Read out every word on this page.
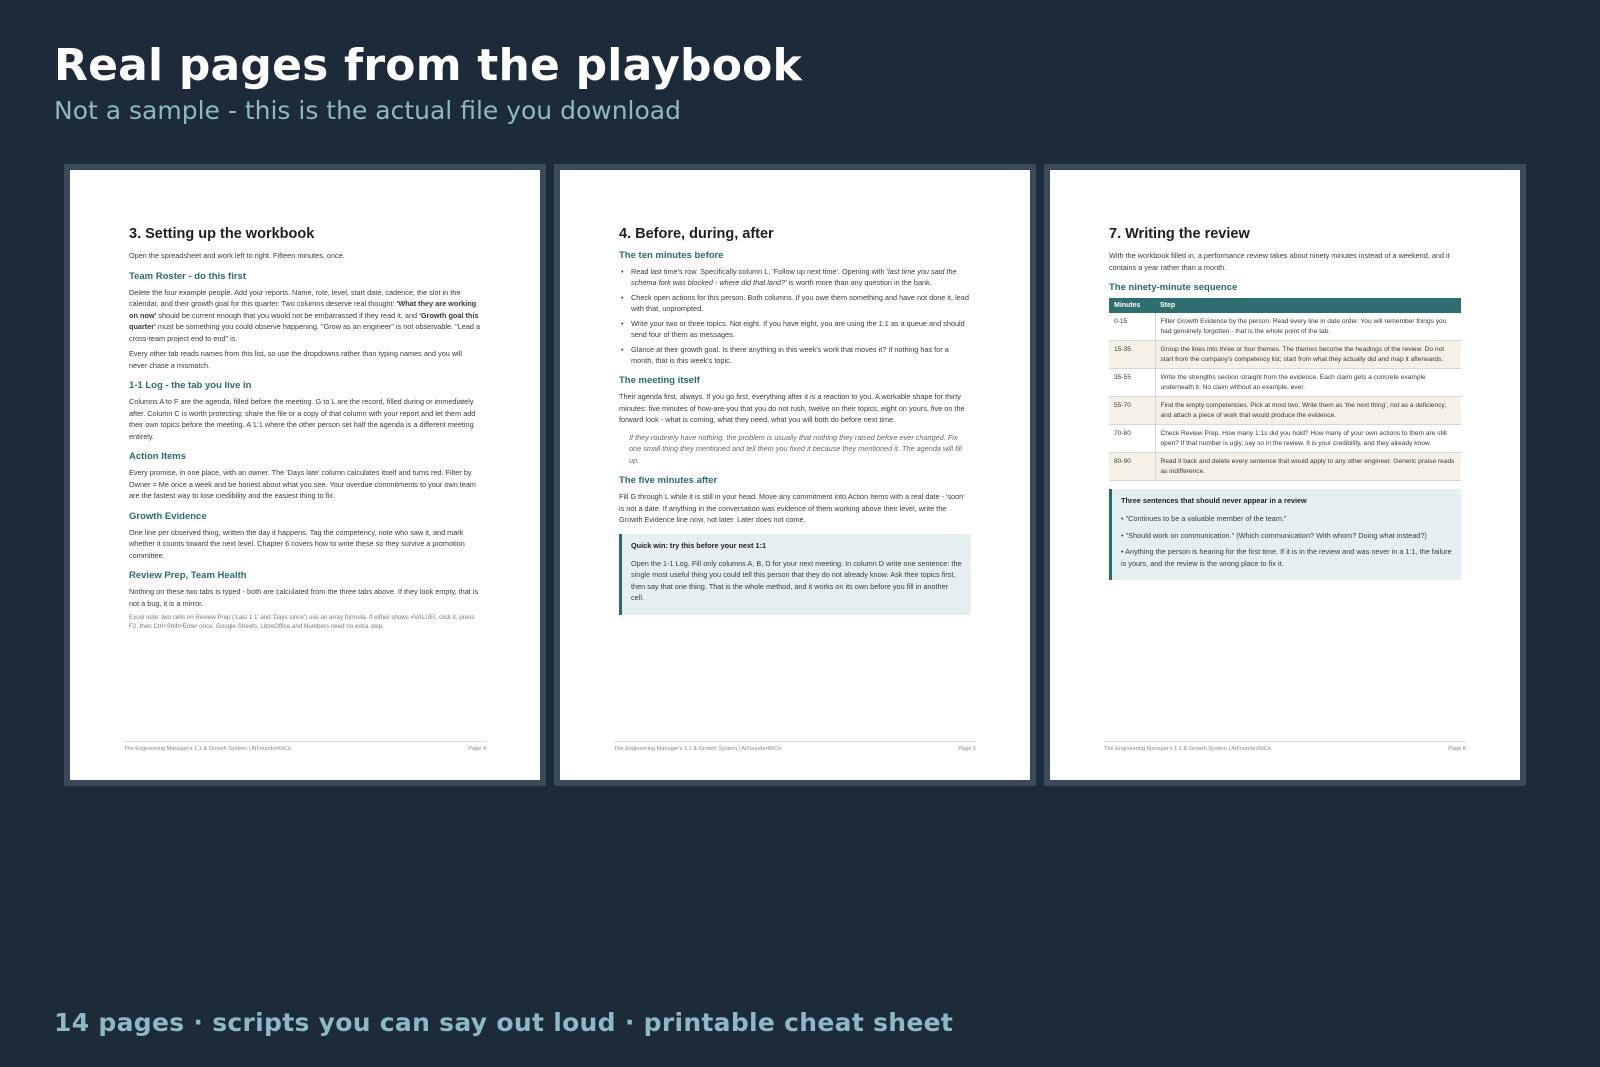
Real pages from the playbook
Not a sample - this is the actual file you download
3. Setting up the workbook

Open the spreadsheet and work left to right. Fifteen minutes, once.

Team Roster - do this first

Delete the four example people. Add your reports. Name, role, level, start date, cadence, the slot in the calendar, and their growth goal for this quarter. Two columns deserve real thought: 'What they are working on now' should be current enough that you would not be embarrassed if they read it, and 'Growth goal this quarter' must be something you could observe happening. "Grow as an engineer" is not observable. "Lead a cross-team project end to end" is.

Every other tab reads names from this list, so use the dropdowns rather than typing names and you will never chase a mismatch.

1-1 Log - the tab you live in

Columns A to F are the agenda, filled before the meeting. G to L are the record, filled during or immediately after. Column C is worth protecting: share the file or a copy of that column with your report and let them add their own topics before the meeting. A 1:1 where the other person set half the agenda is a different meeting entirely.

Action Items

Every promise, in one place, with an owner. The 'Days late' column calculates itself and turns red. Filter by Owner = Me once a week and be honest about what you see. Your overdue commitments to your own team are the fastest way to lose credibility and the easiest thing to fix.

Growth Evidence

One line per observed thing, written the day it happens. Tag the competency, note who saw it, and mark whether it counts toward the next level. Chapter 6 covers how to write these so they survive a promotion committee.

Review Prep, Team Health

Nothing on these two tabs is typed - both are calculated from the three tabs above. If they look empty, that is not a bug, it is a mirror.

Excel note: two cells on Review Prep ('Last 1:1' and 'Days since') use an array formula. If either shows #VALUE!, click it, press F2, then Ctrl+Shift+Enter once. Google Sheets, LibreOffice and Numbers need no extra step.

The Engineering Manager's 1:1 & Growth System | AIFounderKitCo	Page 4
4. Before, during, after
The ten minutes before
• Read last time's row. Specifically column L, 'Follow up next time'. Opening with 'last time you said the schema fork was blocked - where did that land?' is worth more than any question in the bank.
• Check open actions for this person. Both columns. If you owe them something and have not done it, lead with that, unprompted.
• Write your two or three topics. Not eight. If you have eight, you are using the 1:1 as a queue and should send four of them as messages.
• Glance at their growth goal. Is there anything in this week's work that moves it? If nothing has for a month, that is this week's topic.
The meeting itself

Their agenda first, always. If you go first, everything after it is a reaction to you. A workable shape for thirty minutes: five minutes of how-are-you that you do not rush, twelve on their topics, eight on yours, five on the forward look - what is coming, what they need, what you will both do before next time.

If they routinely have nothing, the problem is usually that nothing they raised before ever changed. Fix one small thing they mentioned and tell them you fixed it because they mentioned it. The agenda will fill up.

The five minutes after

Fill G through L while it is still in your head. Move any commitment into Action Items with a real date - 'soon' is not a date. If anything in the conversation was evidence of them working above their level, write the Growth Evidence line now, not later. Later does not come.

Quick win: try this before your next 1:1

Open the 1-1 Log. Fill only columns A, B, D for your next meeting. In column D write one sentence: the single most useful thing you could tell this person that they do not already know. Ask their topics first, then say that one thing. That is the whole method, and it works on its own before you fill in another cell.

The Engineering Manager's 1:1 & Growth System | AIFounderKitCo	Page 5
7. Writing the review

With the workbook filled in, a performance review takes about ninety minutes instead of a weekend, and it contains a year rather than a month.

The ninety-minute sequence
Minutes	Step
0-15	Filter Growth Evidence by the person. Read every line in date order. You will remember things you had genuinely forgotten - that is the whole point of the tab.
15-35	Group the lines into three or four themes. The themes become the headings of the review. Do not start from the company's competency list; start from what they actually did and map it afterwards.
35-55	Write the strengths section straight from the evidence. Each claim gets a concrete example underneath it. No claim without an example, ever.
55-70	Find the empty competencies. Pick at most two. Write them as 'the next thing', not as a deficiency, and attach a piece of work that would produce the evidence.
70-80	Check Review Prep. How many 1:1s did you hold? How many of your own actions to them are still open? If that number is ugly, say so in the review. It is your credibility, and they already know.
80-90	Read it back and delete every sentence that would apply to any other engineer. Generic praise reads as indifference.
Three sentences that should never appear in a review

• "Continues to be a valuable member of the team."

• "Should work on communication." (Which communication? With whom? Doing what instead?)

• Anything the person is hearing for the first time. If it is in the review and was never in a 1:1, the failure is yours, and the review is the wrong place to fix it.

The Engineering Manager's 1:1 & Growth System | AIFounderKitCo	Page 8
14 pages · scripts you can say out loud · printable cheat sheet
